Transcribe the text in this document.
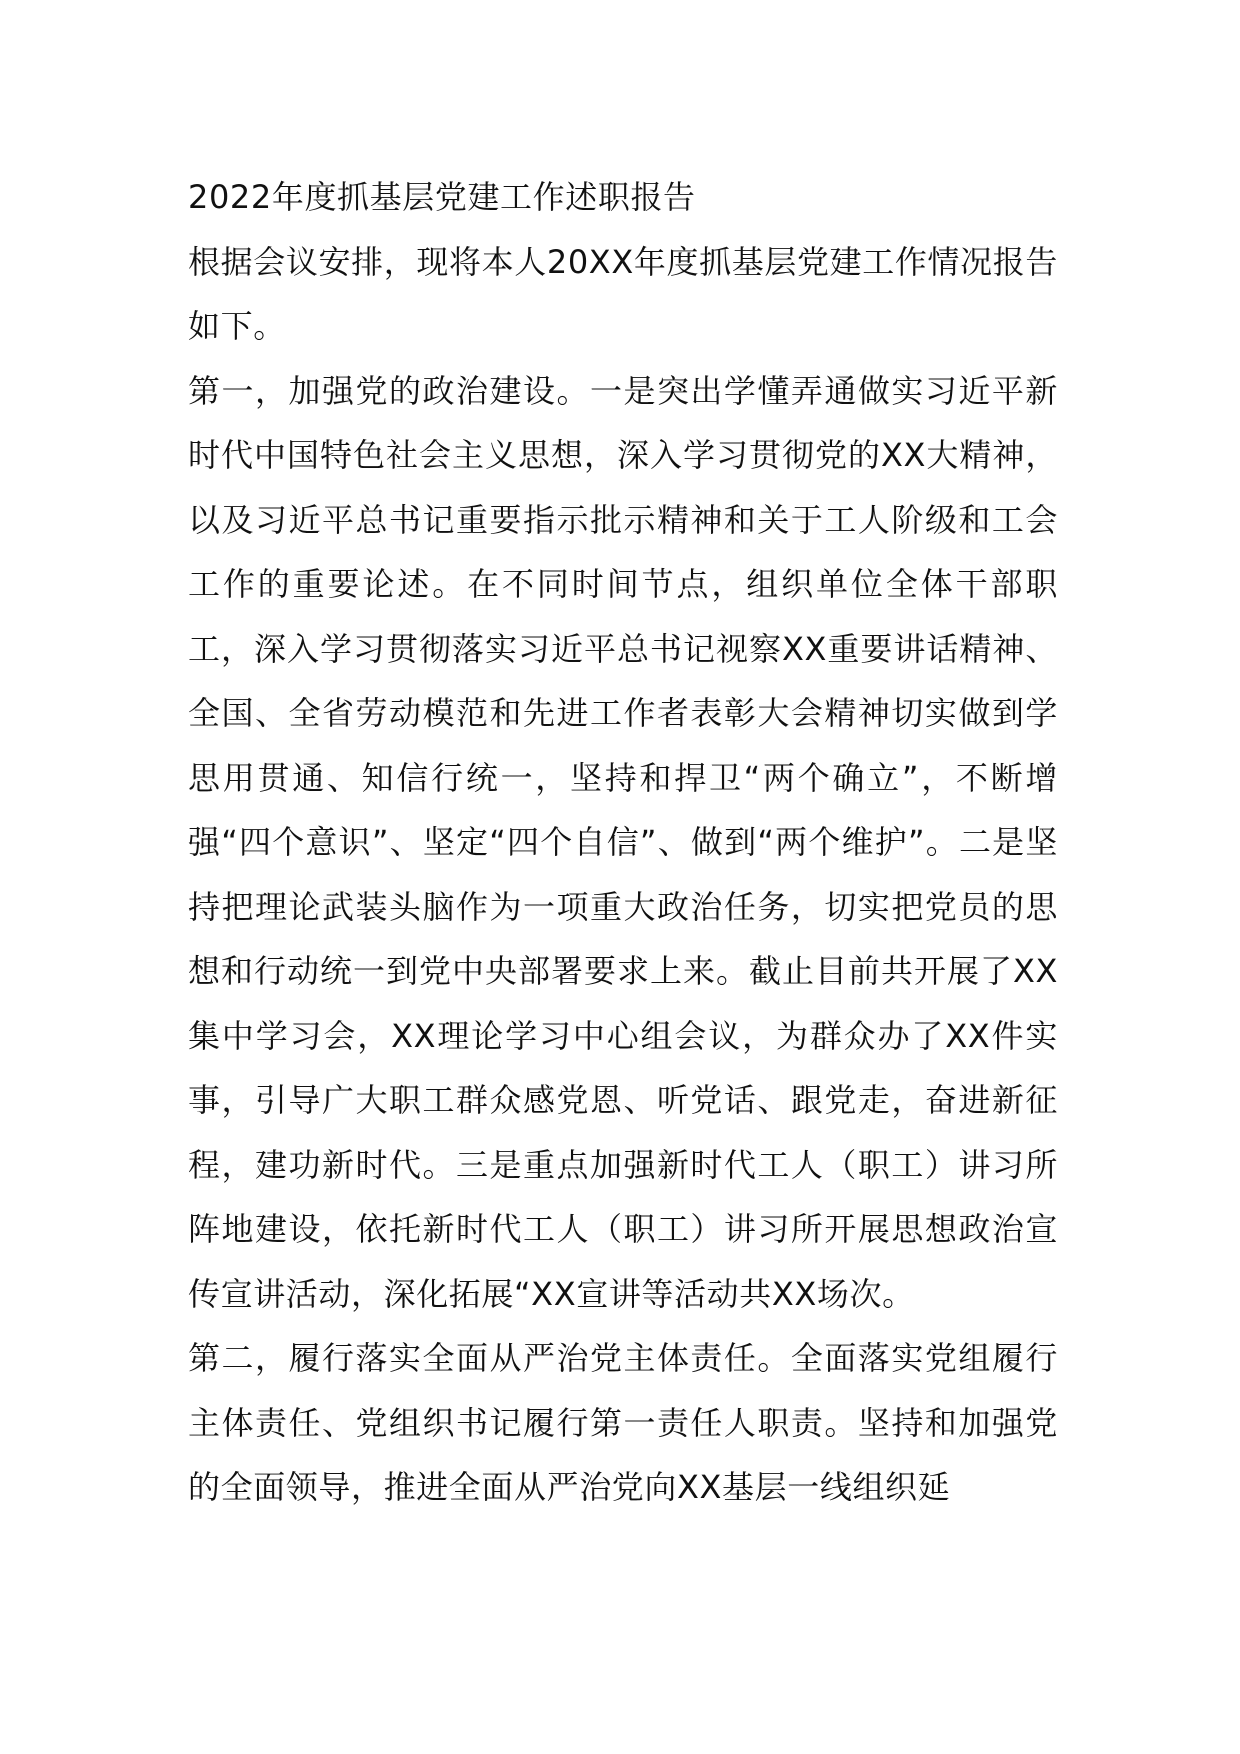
2022年度抓基层党建工作述职报告

根据会议安排，现将本人20XX年度抓基层党建工作情况报告如下。

第一，加强党的政治建设。一是突出学懂弄通做实习近平新时代中国特色社会主义思想，深入学习贯彻党的XX大精神，以及习近平总书记重要指示批示精神和关于工人阶级和工会工作的重要论述。在不同时间节点，组织单位全体干部职工，深入学习贯彻落实习近平总书记视察XX重要讲话精神、全国、全省劳动模范和先进工作者表彰大会精神切实做到学思用贯通、知信行统一，坚持和捍卫“两个确立”，不断增强“四个意识”、坚定“四个自信”、做到“两个维护”。二是坚持把理论武装头脑作为一项重大政治任务，切实把党员的思想和行动统一到党中央部署要求上来。截止目前共开展了XX集中学习会，XX理论学习中心组会议，为群众办了XX件实事，引导广大职工群众感党恩、听党话、跟党走，奋进新征程，建功新时代。三是重点加强新时代工人（职工）讲习所阵地建设，依托新时代工人（职工）讲习所开展思想政治宣传宣讲活动，深化拓展“XX宣讲等活动共XX场次。

第二，履行落实全面从严治党主体责任。全面落实党组履行主体责任、党组织书记履行第一责任人职责。坚持和加强党的全面领导，推进全面从严治党向XX基层一线组织延
